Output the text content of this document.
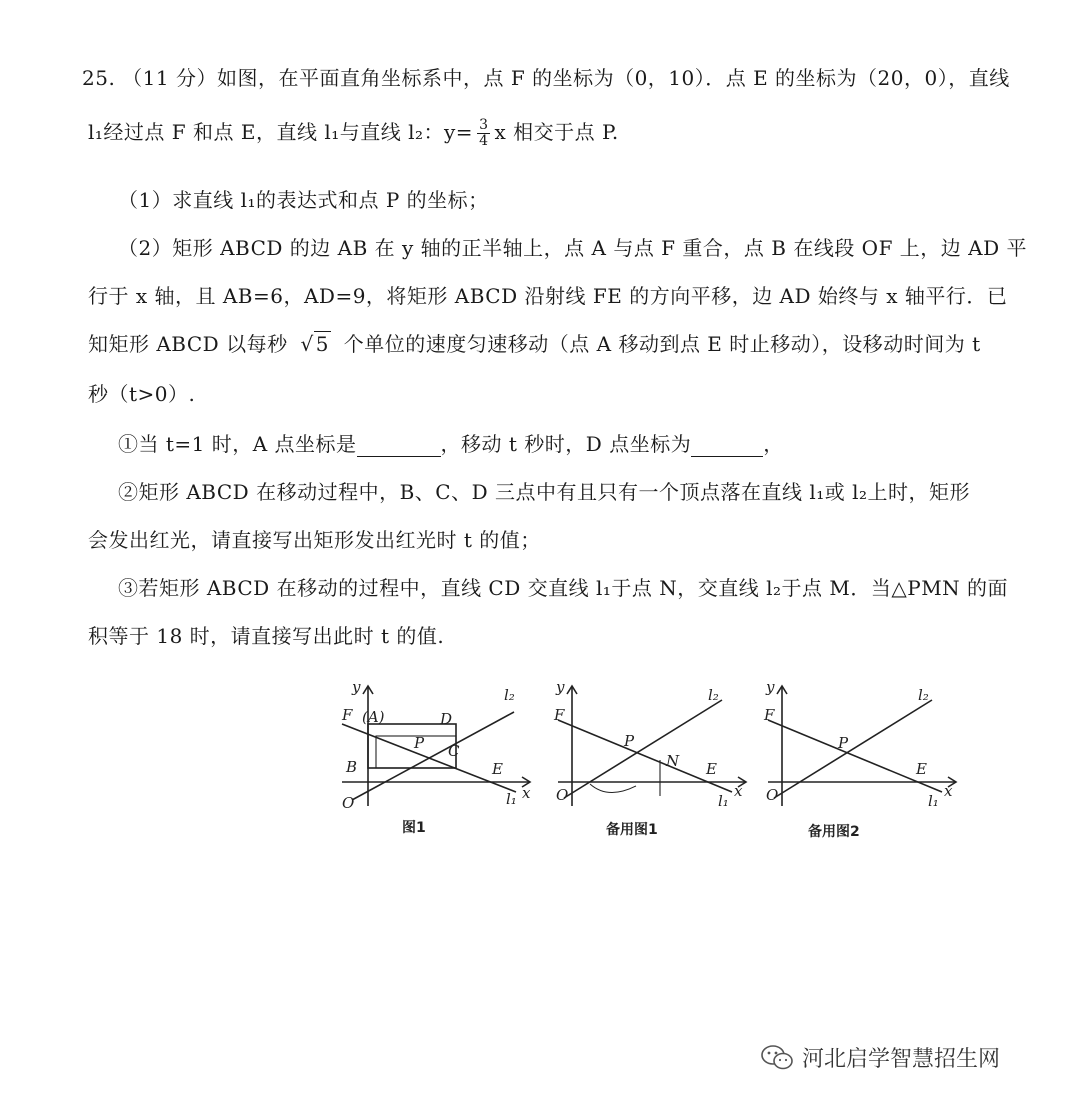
25. （11 分）如图，在平面直角坐标系中，点 F 的坐标为（0，10）．点 E 的坐标为（20，0），直线
l₁经过点 F 和点 E，直线 l₁与直线 l₂：$y= \frac{3}{4}$ x 相交于点 P.
（1）求直线 l₁的表达式和点 P 的坐标；
（2）矩形 ABCD 的边 AB 在 y 轴的正半轴上，点 A 与点 F 重合，点 B 在线段 OF 上，边 AD 平
行于 x 轴，且 AB=6，AD=9，将矩形 ABCD 沿射线 FE 的方向平移，边 AD 始终与 x 轴平行．已
知矩形 ABCD 以每秒 √ 5 个单位的速度匀速移动（点 A 移动到点 E 时止移动），设移动时间为 t
秒（t>0）.
①当 t=1 时，A 点坐标是	，移动 t 秒时，D 点坐标为	，
②矩形 ABCD 在移动过程中，B、C、D 三点中有且只有一个顶点落在直线 l₁或 l₂上时，矩形
会发出红光，请直接写出矩形发出红光时 t 的值；
③若矩形 ABCD 在移动的过程中，直线 CD 交直线 l₁于点 N，交直线 l₂于点 M．当△PMN 的面
积等于 18 时，请直接写出此时 t 的值.
y
x
O
F (A)
B
D
C
P
E
l₁
l₂
图1
y
x
O
F
P
N E
l₁
l₂
备用图1
y
x
O
F
P
E
l₁
l₂
备用图2
河北启学智慧招生网
